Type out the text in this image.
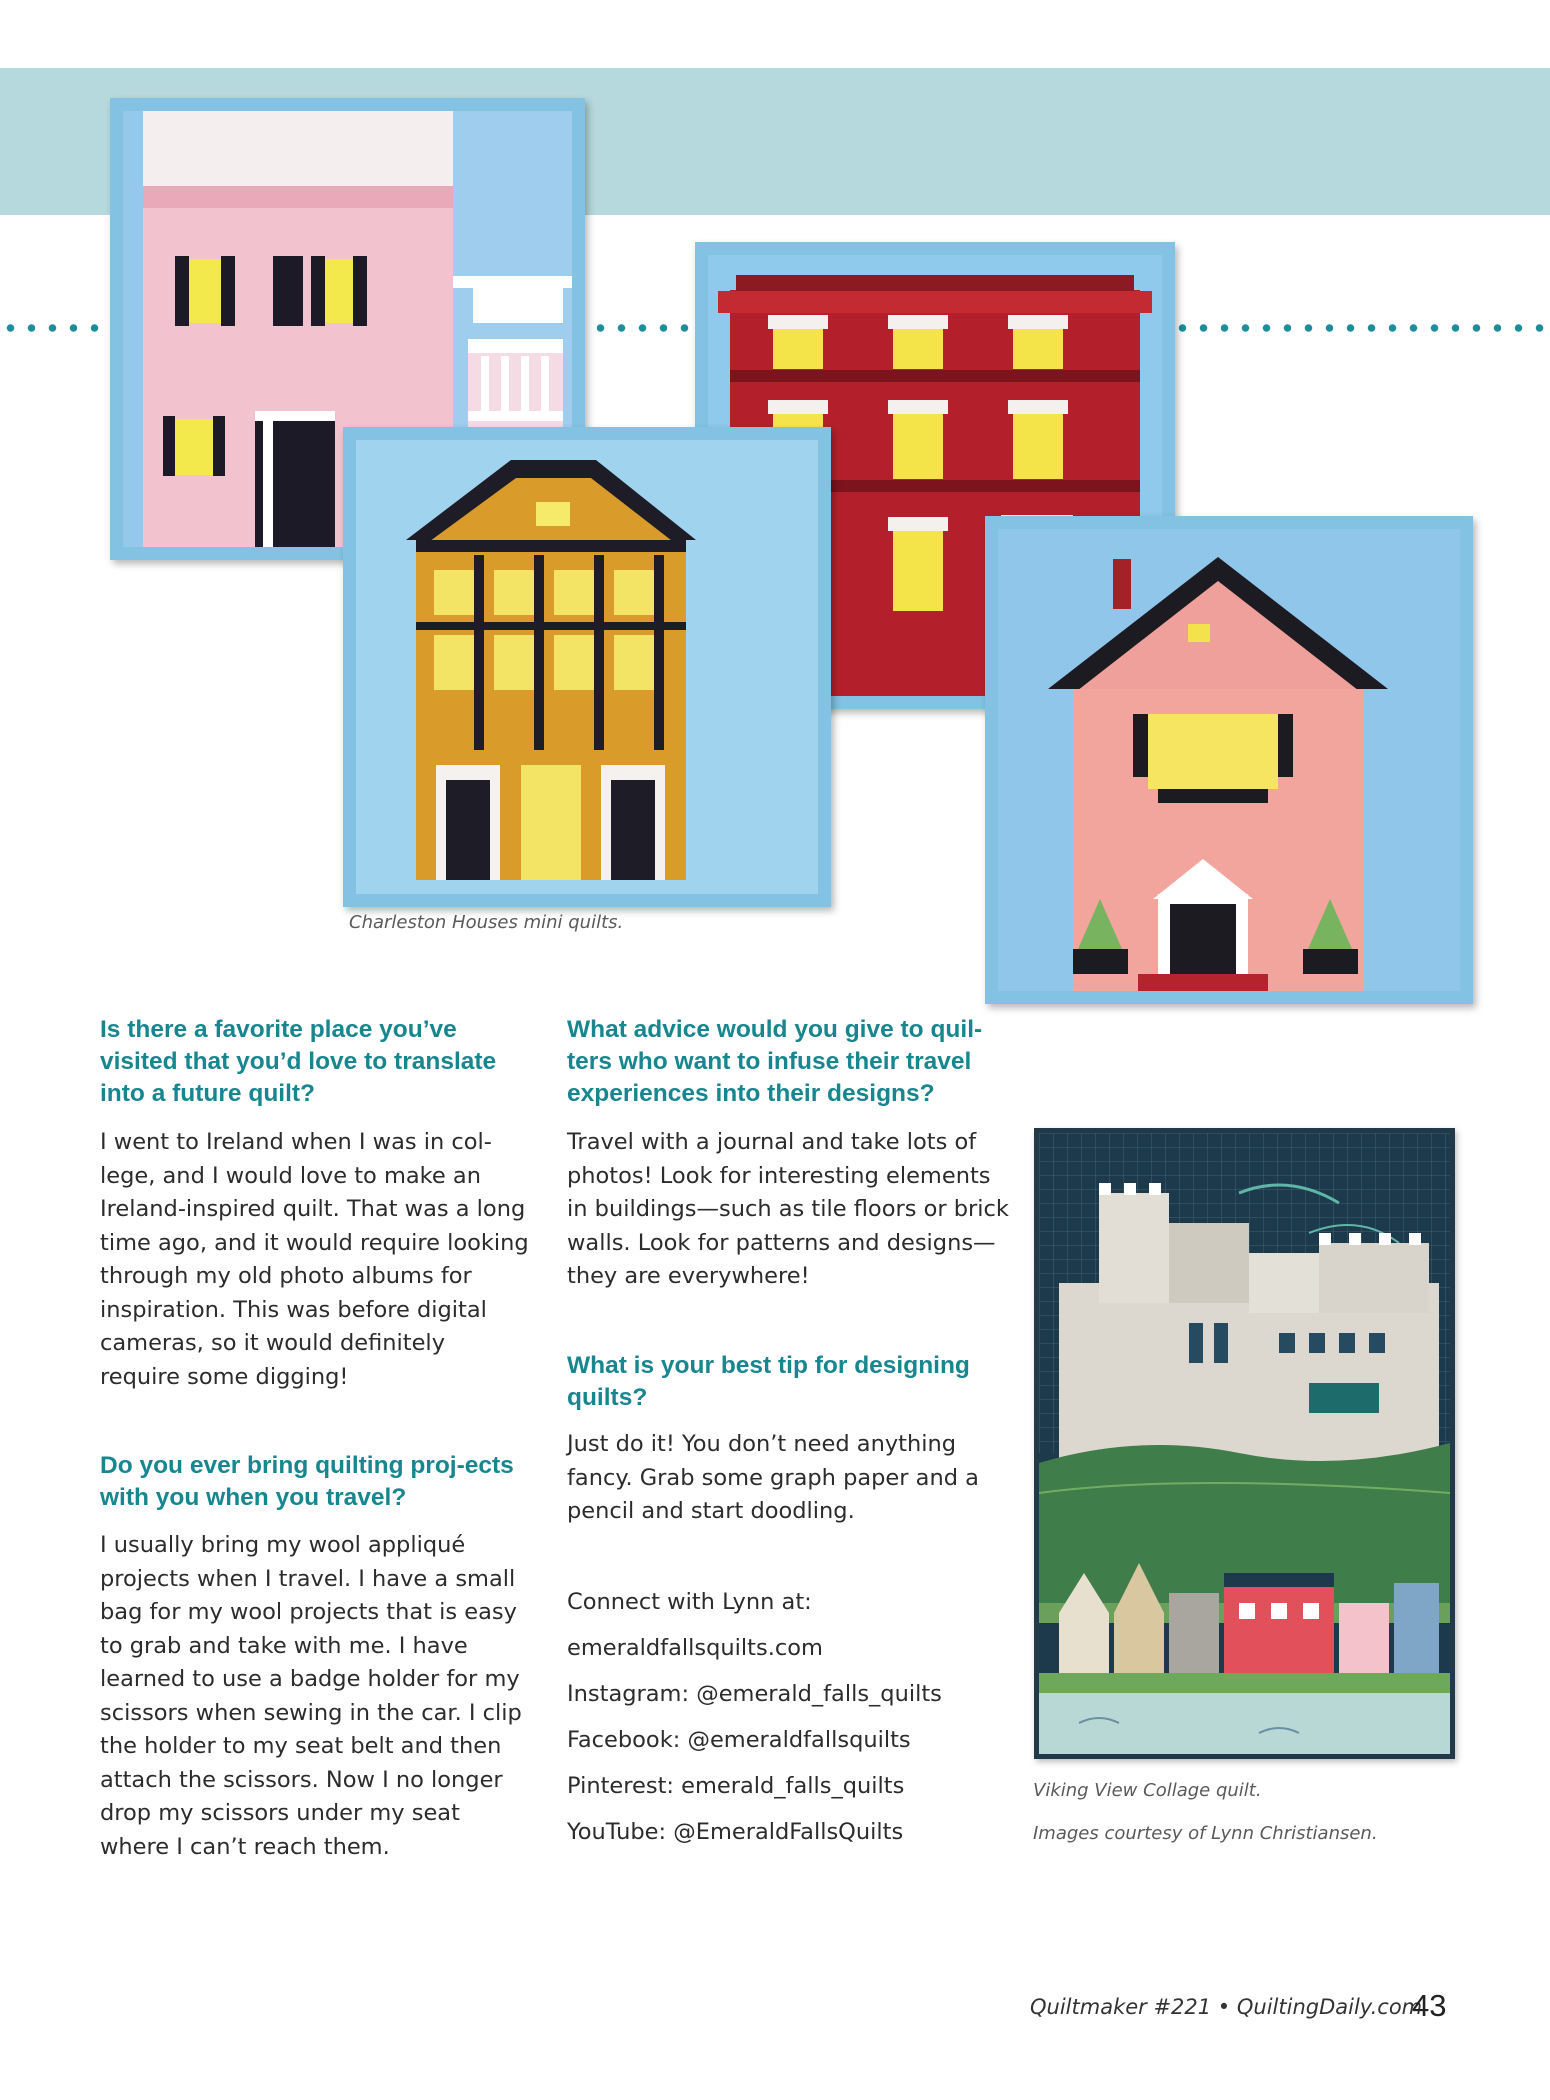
Charleston Houses mini quilts.
Viking View Collage quilt.
Images courtesy of Lynn Christiansen.

Is there a favorite place you’ve visited that you’d love to translate into a future quilt?

I went to Ireland when I was in col-lege, and I would love to make an Ireland-inspired quilt. That was a long time ago, and it would require looking through my old photo albums for inspiration. This was before digital cameras, so it would definitely require some digging!

Do you ever bring quilting proj-ects with you when you travel?

I usually bring my wool appliqué projects when I travel. I have a small bag for my wool projects that is easy to grab and take with me. I have learned to use a badge holder for my scissors when sewing in the car. I clip the holder to my seat belt and then attach the scissors. Now I no longer drop my scissors under my seat where I can’t reach them.

What advice would you give to quil-ters who want to infuse their travel experiences into their designs?

Travel with a journal and take lots of photos! Look for interesting elements in buildings—such as tile floors or brick walls. Look for patterns and designs—they are everywhere!

What is your best tip for designing quilts?

Just do it! You don’t need anything fancy. Grab some graph paper and a pencil and start doodling.

Connect with Lynn at:

emeraldfallsquilts.com

Instagram: @emerald_falls_quilts

Facebook: @emeraldfallsquilts

Pinterest: emerald_falls_quilts

YouTube: @EmeraldFallsQuilts

Quiltmaker #221 • QuiltingDaily.com
43
